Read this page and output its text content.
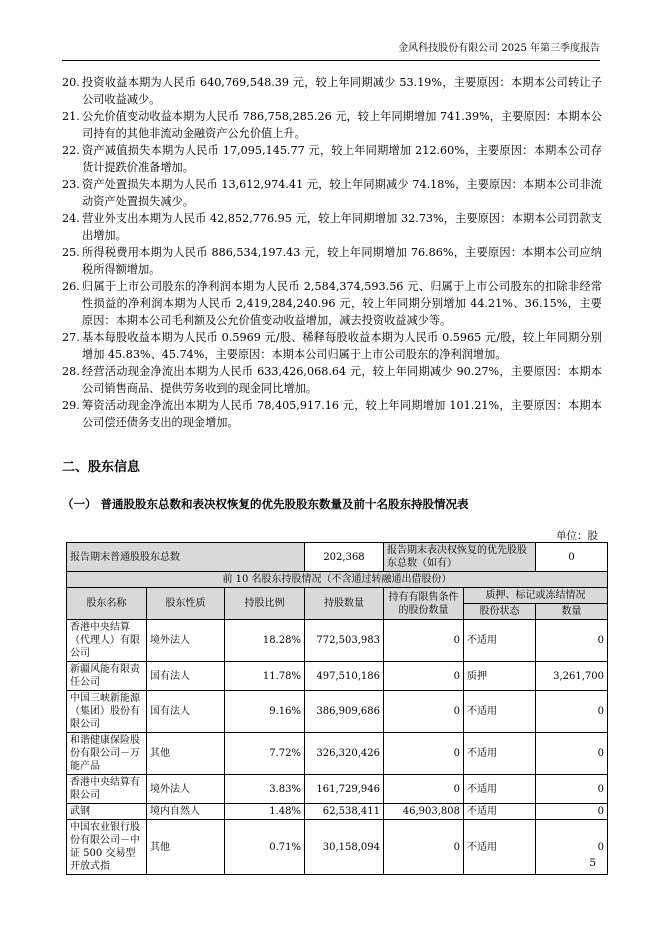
金风科技股份有限公司 2025 年第三季度报告
20. 投资收益本期为人民币 640,769,548.39 元，较上年同期减少 53.19%，主要原因：本期本公司转让子公司收益减少。
21. 公允价值变动收益本期为人民币 786,758,285.26 元，较上年同期增加 741.39%，主要原因：本期本公司持有的其他非流动金融资产公允价值上升。
22. 资产减值损失本期为人民币 17,095,145.77 元，较上年同期增加 212.60%，主要原因：本期本公司存货计提跌价准备增加。
23. 资产处置损失本期为人民币 13,612,974.41 元，较上年同期减少 74.18%，主要原因：本期本公司非流动资产处置损失减少。
24. 营业外支出本期为人民币 42,852,776.95 元，较上年同期增加 32.73%，主要原因：本期本公司罚款支出增加。
25. 所得税费用本期为人民币 886,534,197.43 元，较上年同期增加 76.86%，主要原因：本期本公司应纳税所得额增加。
26. 归属于上市公司股东的净利润本期为人民币 2,584,374,593.56 元、归属于上市公司股东的扣除非经常性损益的净利润本期为人民币 2,419,284,240.96 元，较上年同期分别增加 44.21%、36.15%，主要原因：本期本公司毛利额及公允价值变动收益增加，减去投资收益减少等。
27. 基本每股收益本期为人民币 0.5969 元/股、稀释每股收益本期为人民币 0.5965 元/股，较上年同期分别增加 45.83%、45.74%，主要原因：本期本公司归属于上市公司股东的净利润增加。
28. 经营活动现金净流出本期为人民币 633,426,068.64 元，较上年同期减少 90.27%，主要原因：本期本公司销售商品、提供劳务收到的现金同比增加。
29. 筹资活动现金净流出本期为人民币 78,405,917.16 元，较上年同期增加 101.21%，主要原因：本期本公司偿还债务支出的现金增加。
二、股东信息
（一） 普通股股东总数和表决权恢复的优先股股东数量及前十名股东持股情况表
单位：股
报告期末普通股股东总数			202,368	报告期末表决权恢复的优先股股东总数（如有）		0
前 10 名股东持股情况（不含通过转融通出借股份）						
股东名称	股东性质	持股比例	持股数量	持有有限售条件的股份数量	质押、标记或冻结情况	
					股份状态	数量
香港中央结算（代理人）有限公司	境外法人	18.28%	772,503,983	0	不适用	0
新疆风能有限责任公司	国有法人	11.78%	497,510,186	0	质押	3,261,700
中国三峡新能源（集团）股份有限公司	国有法人	9.16%	386,909,686	0	不适用	0
和谐健康保险股份有限公司－万能产品	其他	7.72%	326,320,426	0	不适用	0
香港中央结算有限公司	境外法人	3.83%	161,729,946	0	不适用	0
武钢	境内自然人	1.48%	62,538,411	46,903,808	不适用	0
中国农业银行股份有限公司－中证 500 交易型开放式指	其他	0.71%	30,158,094	0	不适用	0
5
